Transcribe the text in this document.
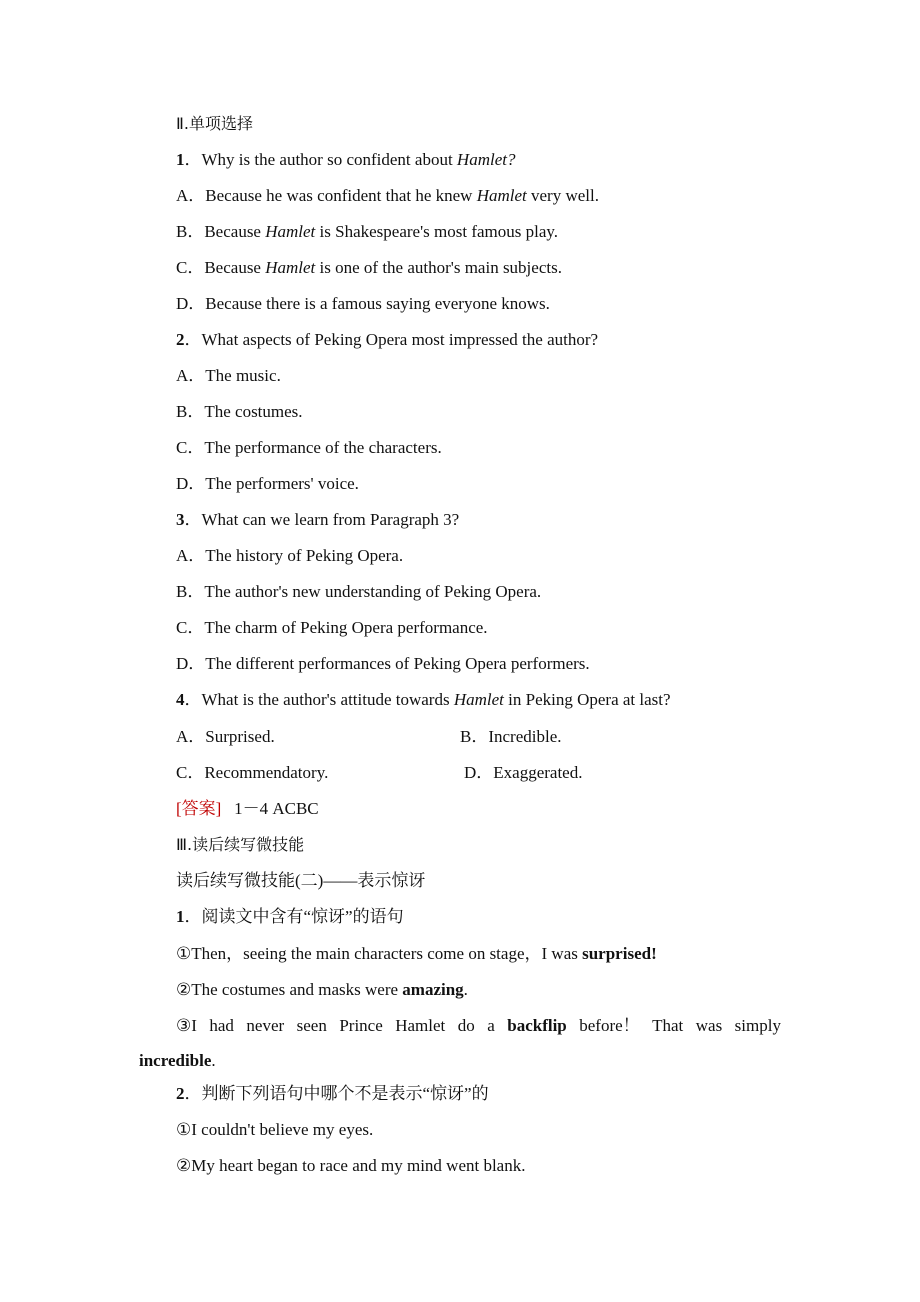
Ⅱ.单项选择
1．Why is the author so confident about Hamlet?
A．Because he was confident that he knew Hamlet very well.
B．Because Hamlet is Shakespeare's most famous play.
C．Because Hamlet is one of the author's main subjects.
D．Because there is a famous saying everyone knows.
2．What aspects of Peking Opera most impressed the author?
A．The music.
B．The costumes.
C．The performance of the characters.
D．The performers' voice.
3．What can we learn from Paragraph 3?
A．The history of Peking Opera.
B．The author's new understanding of Peking Opera.
C．The charm of Peking Opera performance.
D．The different performances of Peking Opera performers.
4．What is the author's attitude towards Hamlet in Peking Opera at last?
A．Surprised.	B．Incredible.
C．Recommendatory.	D．Exaggerated.
[答案] 1－4 ACBC
Ⅲ.读后续写微技能
读后续写微技能(二)——表示惊讶
1．阅读文中含有“惊讶”的语句
①Then，seeing the main characters come on stage，I was surprised!
②The costumes and masks were amazing.
③I had never seen Prince Hamlet do a backflip before！ That was simply
incredible.
2．判断下列语句中哪个不是表示“惊讶”的
①I couldn't believe my eyes.
②My heart began to race and my mind went blank.
